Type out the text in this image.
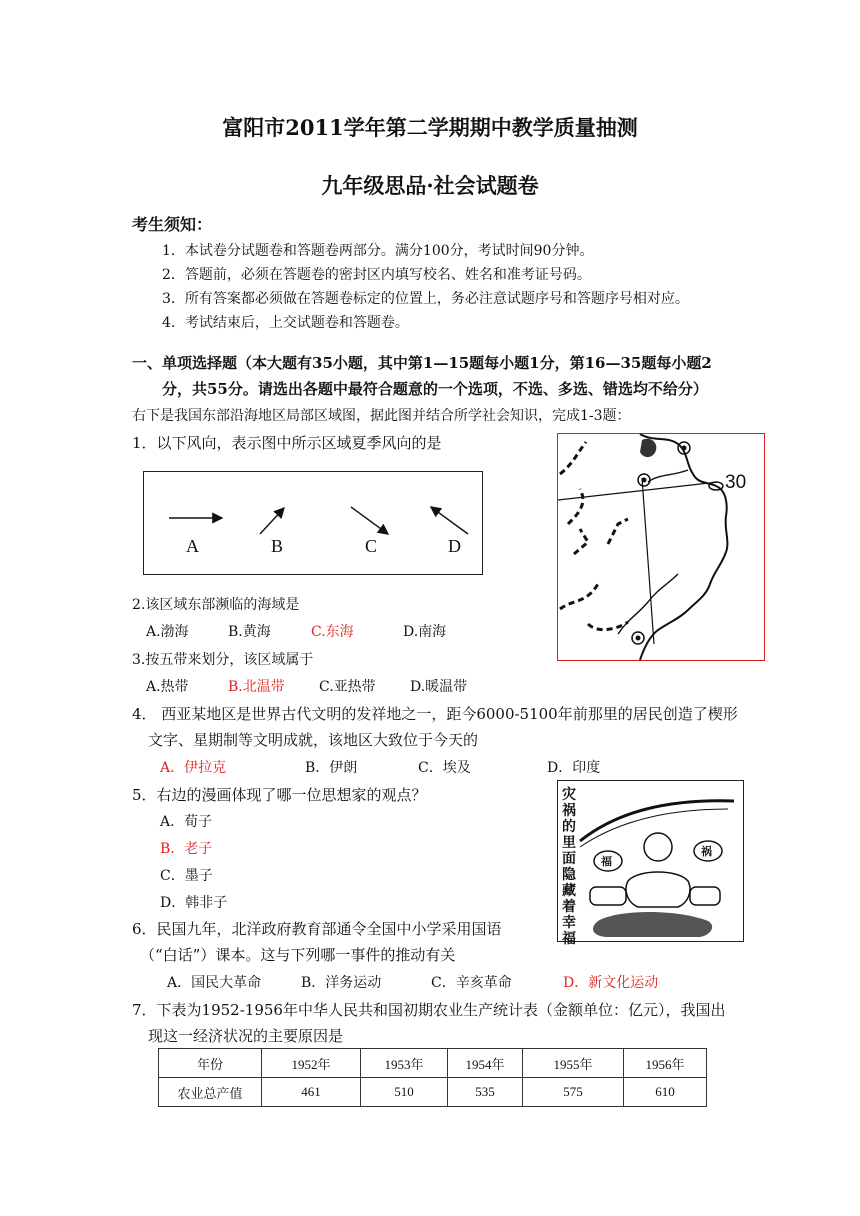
富阳市2011学年第二学期期中教学质量抽测
九年级思品·社会试题卷
考生须知：
1．本试卷分试题卷和答题卷两部分。满分100分，考试时间90分钟。
2．答题前，必须在答题卷的密封区内填写校名、姓名和准考证号码。
3．所有答案都必须做在答题卷标定的位置上，务必注意试题序号和答题序号相对应。
4．考试结束后，上交试题卷和答题卷。
一、单项选择题（本大题有35小题，其中第1—15题每小题1分，第16—35题每小题2
分，共55分。请选出各题中最符合题意的一个选项，不选、多选、错选均不给分）
右下是我国东部沿海地区局部区域图，据此图并结合所学社会知识，完成1-3题：
1．以下风向，表示图中所示区域夏季风向的是
A	B	C	D
30
2.该区域东部濒临的海域是
A.渤海	B.黄海	C.东海	D.南海
3.按五带来划分，该区域属于
A.热带	B.北温带 C.亚热带 D.暖温带
4． 西亚某地区是世界古代文明的发祥地之一，距今6000-5100年前那里的居民创造了楔形
文字、星期制等文明成就，该地区大致位于今天的
A．伊拉克	B．伊朗	C．埃及	D．印度
5．右边的漫画体现了哪一位思想家的观点？
A．荀子
B．老子
C．墨子
D．韩非子
灾祸的里面隐藏着幸福
福
祸
6．民国九年，北洋政府教育部通令全国中小学采用国语
（“白话”）课本。这与下列哪一事件的推动有关
A．国民大革命	B．洋务运动	C．辛亥革命	D．新文化运动
7．下表为1952-1956年中华人民共和国初期农业生产统计表（金额单位：亿元），我国出
现这一经济状况的主要原因是
年份	1952年	1953年	1954年	1955年	1956年
农业总产值	461	510	535	575	610
